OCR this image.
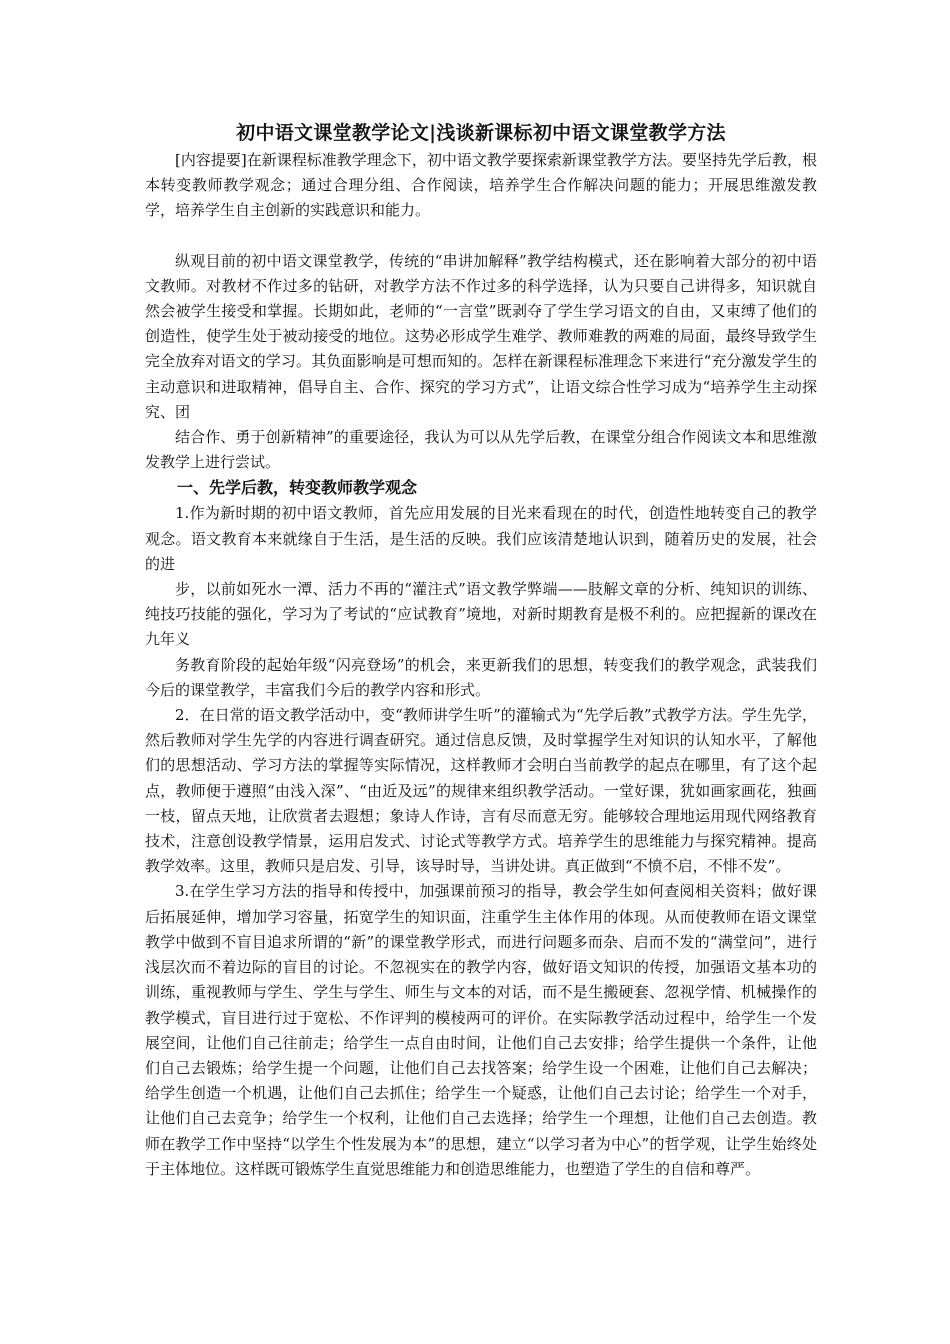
初中语文课堂教学论文|浅谈新课标初中语文课堂教学方法

[内容提要]在新课程标准教学理念下，初中语文教学要探索新课堂教学方法。要坚持先学后教，根本转变教师教学观念；通过合理分组、合作阅读，培养学生合作解决问题的能力；开展思维激发教学，培养学生自主创新的实践意识和能力。

纵观目前的初中语文课堂教学，传统的“串讲加解释”教学结构模式，还在影响着大部分的初中语文教师。对教材不作过多的钻研，对教学方法不作过多的科学选择，认为只要自己讲得多，知识就自然会被学生接受和掌握。长期如此，老师的“一言堂”既剥夺了学生学习语文的自由，又束缚了他们的创造性，使学生处于被动接受的地位。这势必形成学生难学、教师难教的两难的局面，最终导致学生完全放弃对语文的学习。其负面影响是可想而知的。怎样在新课程标准理念下来进行“充分激发学生的主动意识和进取精神，倡导自主、合作、探究的学习方式”，让语文综合性学习成为“培养学生主动探究、团

结合作、勇于创新精神”的重要途径，我认为可以从先学后教，在课堂分组合作阅读文本和思维激发教学上进行尝试。

一、先学后教，转变教师教学观念

1.作为新时期的初中语文教师，首先应用发展的目光来看现在的时代，创造性地转变自己的教学观念。语文教育本来就缘自于生活，是生活的反映。我们应该清楚地认识到，随着历史的发展，社会的进

步，以前如死水一潭、活力不再的“灌注式”语文教学弊端——肢解文章的分析、纯知识的训练、纯技巧技能的强化，学习为了考试的“应试教育”境地，对新时期教育是极不利的。应把握新的课改在九年义

务教育阶段的起始年级“闪亮登场”的机会，来更新我们的思想，转变我们的教学观念，武装我们今后的课堂教学，丰富我们今后的教学内容和形式。

2．在日常的语文教学活动中，变“教师讲学生听”的灌输式为“先学后教”式教学方法。学生先学，然后教师对学生先学的内容进行调查研究。通过信息反馈，及时掌握学生对知识的认知水平，了解他们的思想活动、学习方法的掌握等实际情况，这样教师才会明白当前教学的起点在哪里，有了这个起点，教师便于遵照“由浅入深”、“由近及远”的规律来组织教学活动。一堂好课，犹如画家画花，独画一枝，留点天地，让欣赏者去遐想；象诗人作诗，言有尽而意无穷。能够较合理地运用现代网络教育技术，注意创设教学情景，运用启发式、讨论式等教学方式。培养学生的思维能力与探究精神。提高教学效率。这里，教师只是启发、引导，该导时导，当讲处讲。真正做到“不愤不启，不悱不发”。

3.在学生学习方法的指导和传授中，加强课前预习的指导，教会学生如何查阅相关资料；做好课后拓展延伸，增加学习容量，拓宽学生的知识面，注重学生主体作用的体现。从而使教师在语文课堂教学中做到不盲目追求所谓的“新”的课堂教学形式，而进行问题多而杂、启而不发的“满堂问”，进行浅层次而不着边际的盲目的讨论。不忽视实在的教学内容，做好语文知识的传授，加强语文基本功的训练，重视教师与学生、学生与学生、师生与文本的对话，而不是生搬硬套、忽视学情、机械操作的教学模式，盲目进行过于宽松、不作评判的模棱两可的评价。在实际教学活动过程中，给学生一个发展空间，让他们自己往前走；给学生一点自由时间，让他们自己去安排；给学生提供一个条件，让他们自己去锻炼；给学生提一个问题，让他们自己去找答案；给学生设一个困难，让他们自己去解决；给学生创造一个机遇，让他们自己去抓住；给学生一个疑惑，让他们自己去讨论；给学生一个对手，让他们自己去竞争；给学生一个权利，让他们自己去选择；给学生一个理想，让他们自己去创造。教师在教学工作中坚持“以学生个性发展为本”的思想，建立“以学习者为中心”的哲学观，让学生始终处于主体地位。这样既可锻炼学生直觉思维能力和创造思维能力，也塑造了学生的自信和尊严。
